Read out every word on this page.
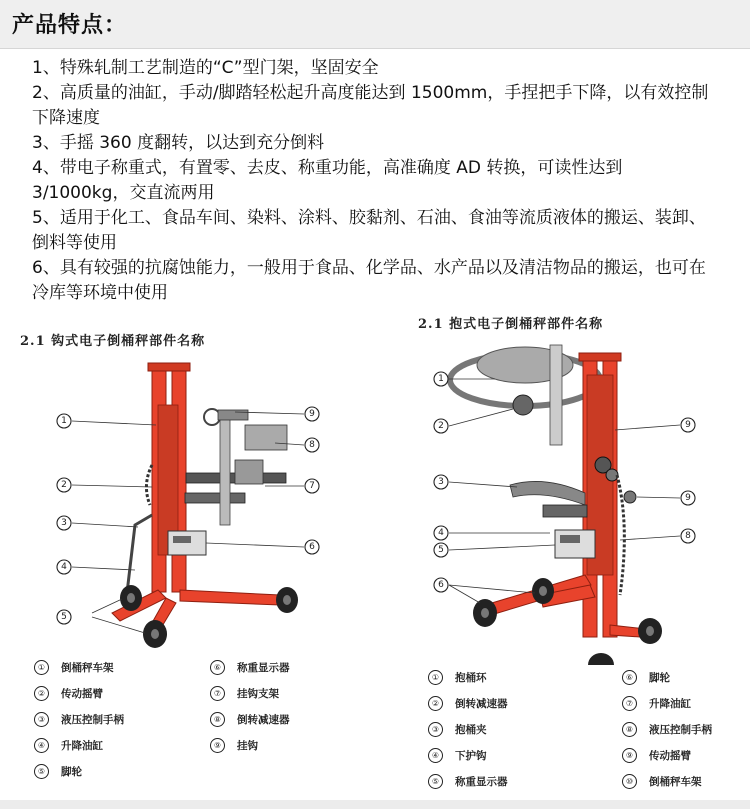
产品特点：

1、特殊轧制工艺制造的“C”型门架，坚固安全

2、高质量的油缸，手动/脚踏轻松起升高度能达到 1500mm，手捏把手下降，以有效控制下降速度

3、手摇 360 度翻转，以达到充分倒料

4、带电子称重式，有置零、去皮、称重功能，高准确度 AD 转换，可读性达到 3/1000kg，交直流两用

5、适用于化工、食品车间、染料、涂料、胶黏剂、石油、食油等流质液体的搬运、装卸、倒料等使用

6、具有较强的抗腐蚀能力，一般用于食品、化学品、水产品以及清洁物品的搬运，也可在冷库等环境中使用

2.1 钩式电子倒桶秤部件名称
1
2
3
4
5
9
8
7
6
①	倒桶秤车架
②	传动摇臂
③	液压控制手柄
④	升降油缸
⑤	脚轮
⑥	称重显示器
⑦	挂钩支架
⑧	倒转减速器
⑨	挂钩
2.1 抱式电子倒桶秤部件名称
1
2
3
4
5
6
9
9
8
①	抱桶环
②	倒转减速器
③	抱桶夹
④	下护钩
⑤	称重显示器
⑥	脚轮
⑦	升降油缸
⑧	液压控制手柄
⑨	传动摇臂
⑩	倒桶秤车架
